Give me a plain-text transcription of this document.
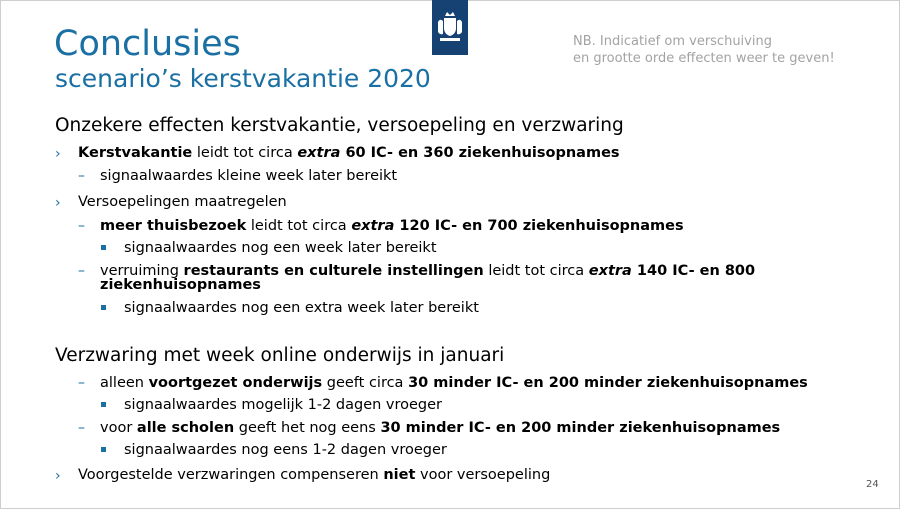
Conclusies
scenario’s kerstvakantie 2020
NB. Indicatief om verschuiving
en grootte orde effecten weer te geven!
Onzekere effecten kerstvakantie, versoepeling en verzwaring
› Kerstvakantie leidt tot circa extra 60 IC- en 360 ziekenhuisopnames
– signaalwaardes kleine week later bereikt
› Versoepelingen maatregelen
– meer thuisbezoek leidt tot circa extra 120 IC- en 700 ziekenhuisopnames
signaalwaardes nog een week later bereikt
– verruiming restaurants en culturele instellingen leidt tot circa extra 140 IC- en 800
ziekenhuisopnames
signaalwaardes nog een extra week later bereikt
Verzwaring met week online onderwijs in januari
– alleen voortgezet onderwijs geeft circa 30 minder IC- en 200 minder ziekenhuisopnames
signaalwaardes mogelijk 1-2 dagen vroeger
– voor alle scholen geeft het nog eens 30 minder IC- en 200 minder ziekenhuisopnames
signaalwaardes nog eens 1-2 dagen vroeger
› Voorgestelde verzwaringen compenseren niet voor versoepeling
24
